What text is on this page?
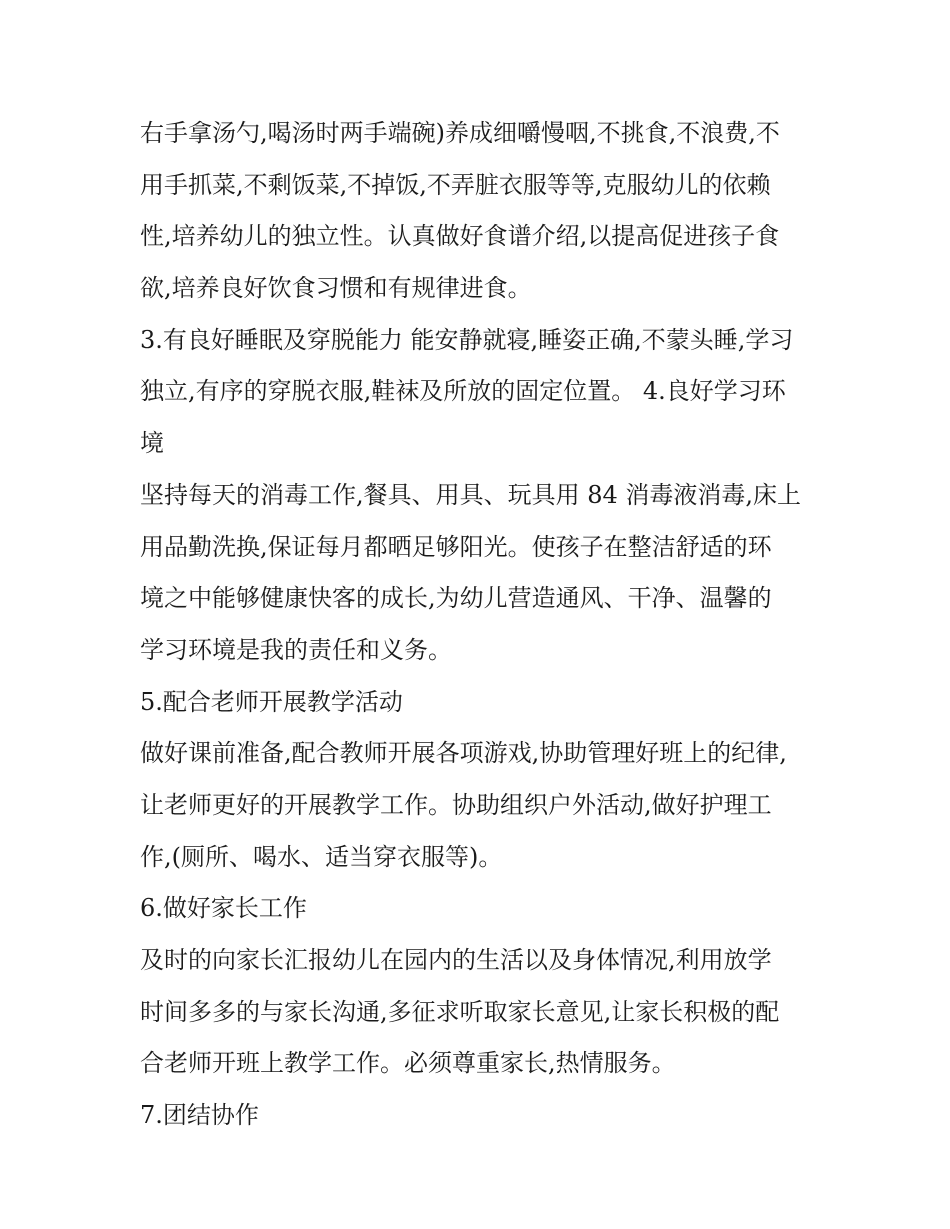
右手拿汤勺,喝汤时两手端碗)养成细嚼慢咽,不挑食,不浪费,不
用手抓菜,不剩饭菜,不掉饭,不弄脏衣服等等,克服幼儿的依赖
性,培养幼儿的独立性。认真做好食谱介绍,以提高促进孩子食
欲,培养良好饮食习惯和有规律进食。
3.有良好睡眠及穿脱能力 能安静就寝,睡姿正确,不蒙头睡,学习
独立,有序的穿脱衣服,鞋袜及所放的固定位置。 4.良好学习环
境
坚持每天的消毒工作,餐具、用具、玩具用 84 消毒液消毒,床上
用品勤洗换,保证每月都晒足够阳光。使孩子在整洁舒适的环
境之中能够健康快客的成长,为幼儿营造通风、干净、温馨的
学习环境是我的责任和义务。
5.配合老师开展教学活动
做好课前准备,配合教师开展各项游戏,协助管理好班上的纪律,
让老师更好的开展教学工作。协助组织户外活动,做好护理工
作,(厕所、喝水、适当穿衣服等)。
6.做好家长工作
及时的向家长汇报幼儿在园内的生活以及身体情况,利用放学
时间多多的与家长沟通,多征求听取家长意见,让家长积极的配
合老师开班上教学工作。必须尊重家长,热情服务。
7.团结协作
